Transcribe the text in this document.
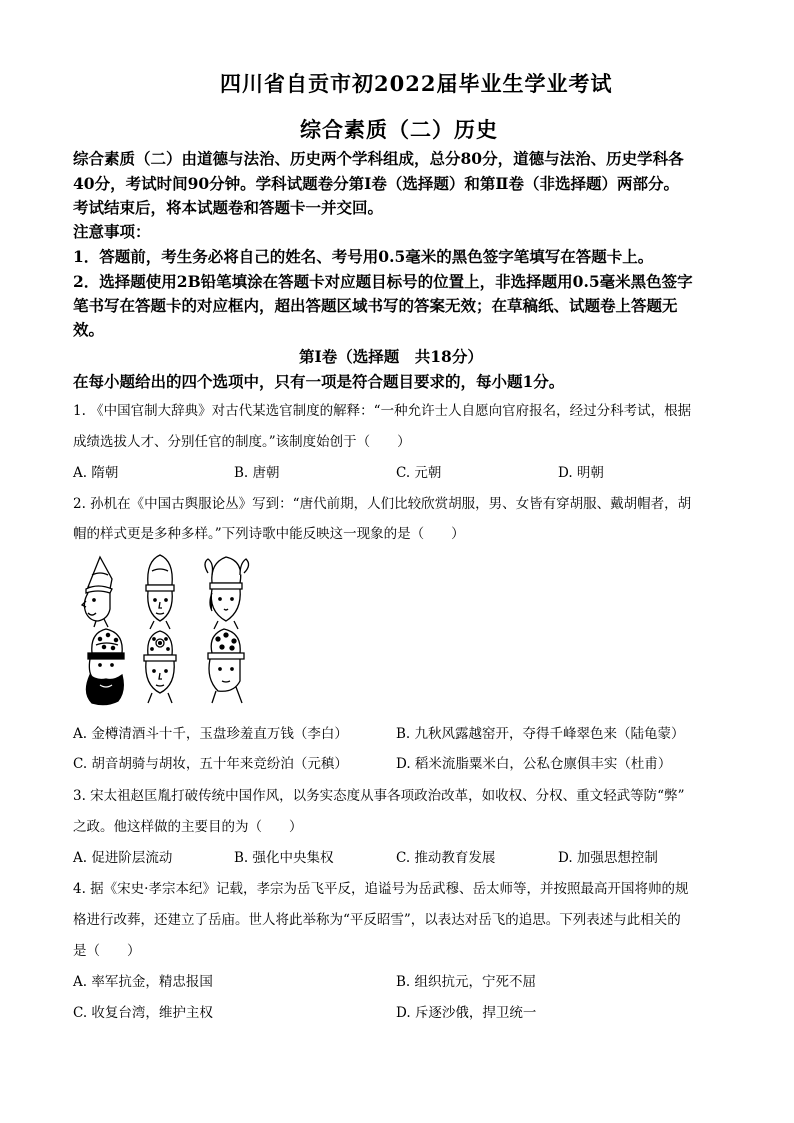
四川省自贡市初2022届毕业生学业考试
综合素质（二）历史
综合素质（二）由道德与法治、历史两个学科组成，总分80分，道德与法治、历史学科各
40分，考试时间90分钟。学科试题卷分第Ⅰ卷（选择题）和第Ⅱ卷（非选择题）两部分。
考试结束后，将本试题卷和答题卡一并交回。
注意事项：
1．答题前，考生务必将自己的姓名、考号用0.5毫米的黑色签字笔填写在答题卡上。
2．选择题使用2B铅笔填涂在答题卡对应题目标号的位置上，非选择题用0.5毫米黑色签字
笔书写在答题卡的对应框内，超出答题区域书写的答案无效；在草稿纸、试题卷上答题无
效。
第Ⅰ卷（选择题　共18分）
在每小题给出的四个选项中，只有一项是符合题目要求的，每小题1分。
1. 《中国官制大辞典》对古代某选官制度的解释：“一种允许士人自愿向官府报名，经过分科考试，根据
成绩选拔人才、分别任官的制度。”该制度始创于（　　）
A. 隋朝	B. 唐朝	C. 元朝	D. 明朝
2. 孙机在《中国古舆服论丛》写到：“唐代前期，人们比较欣赏胡服，男、女皆有穿胡服、戴胡帽者，胡
帽的样式更是多种多样。”下列诗歌中能反映这一现象的是（　　）
A. 金樽清酒斗十千，玉盘珍羞直万钱（李白）	B. 九秋风露越窑开，夺得千峰翠色来（陆龟蒙）
C. 胡音胡骑与胡妆，五十年来竞纷泊（元稹）	D. 稻米流脂粟米白，公私仓廪俱丰实（杜甫）
3. 宋太祖赵匡胤打破传统中国作风，以务实态度从事各项政治改革，如收权、分权、重文轻武等防“弊”
之政。他这样做的主要目的为（　　）
A. 促进阶层流动	B. 强化中央集权	C. 推动教育发展	D. 加强思想控制
4. 据《宋史·孝宗本纪》记载，孝宗为岳飞平反，追谥号为岳武穆、岳太师等，并按照最高开国将帅的规
格进行改葬，还建立了岳庙。世人将此举称为“平反昭雪”，以表达对岳飞的追思。下列表述与此相关的
是（　　）
A. 率军抗金，精忠报国	B. 组织抗元，宁死不屈
C. 收复台湾，维护主权	D. 斥逐沙俄，捍卫统一
